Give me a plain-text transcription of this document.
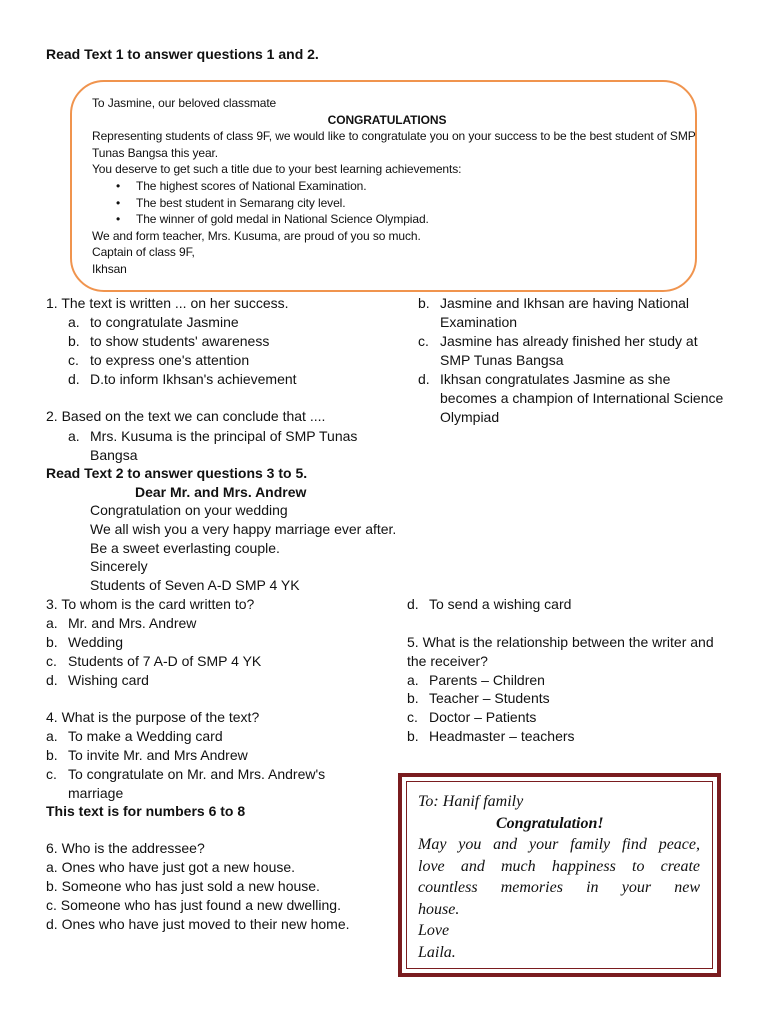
Read Text 1 to answer questions 1 and 2.
To Jasmine, our beloved classmate
CONGRATULATIONS
Representing students of class 9F, we would like to congratulate you on your success to be the best student of SMP
Tunas Bangsa this year.
You deserve to get such a title due to your best learning achievements:
• The highest scores of National Examination.
• The best student in Semarang city level.
• The winner of gold medal in National Science Olympiad.
We and form teacher, Mrs. Kusuma, are proud of you so much.
Captain of class 9F,
Ikhsan
1. The text is written ... on her success.
a. to congratulate Jasmine
b. to show students' awareness
c. to express one's attention
d. D.to inform Ikhsan's achievement
2. Based on the text we can conclude that ....
a. Mrs. Kusuma is the principal of SMP Tunas
Bangsa
b. Jasmine and Ikhsan are having National
Examination
c. Jasmine has already finished her study at
SMP Tunas Bangsa
d. Ikhsan congratulates Jasmine as she
becomes a champion of International Science
Olympiad
Read Text 2 to answer questions 3 to 5.
Dear Mr. and Mrs. Andrew
Congratulation on your wedding
We all wish you a very happy marriage ever after.
Be a sweet everlasting couple.
Sincerely
Students of Seven A-D SMP 4 YK
3. To whom is the card written to?
a. Mr. and Mrs. Andrew
b. Wedding
c. Students of 7 A-D of SMP 4 YK
d. Wishing card
4. What is the purpose of the text?
a. To make a Wedding card
b. To invite Mr. and Mrs Andrew
c. To congratulate on Mr. and Mrs. Andrew's
marriage
d. To send a wishing card
5. What is the relationship between the writer and
the receiver?
a. Parents – Children
b. Teacher – Students
c. Doctor – Patients
b. Headmaster – teachers
This text is for numbers 6 to 8
6. Who is the addressee?
a. Ones who have just got a new house.
b. Someone who has just sold a new house.
c. Someone who has just found a new dwelling.
d. Ones who have just moved to their new home.
To: Hanif family
Congratulation!
May you and your family find peace,
love and much happiness to create
countless memories in your new
house.
Love
Laila.
